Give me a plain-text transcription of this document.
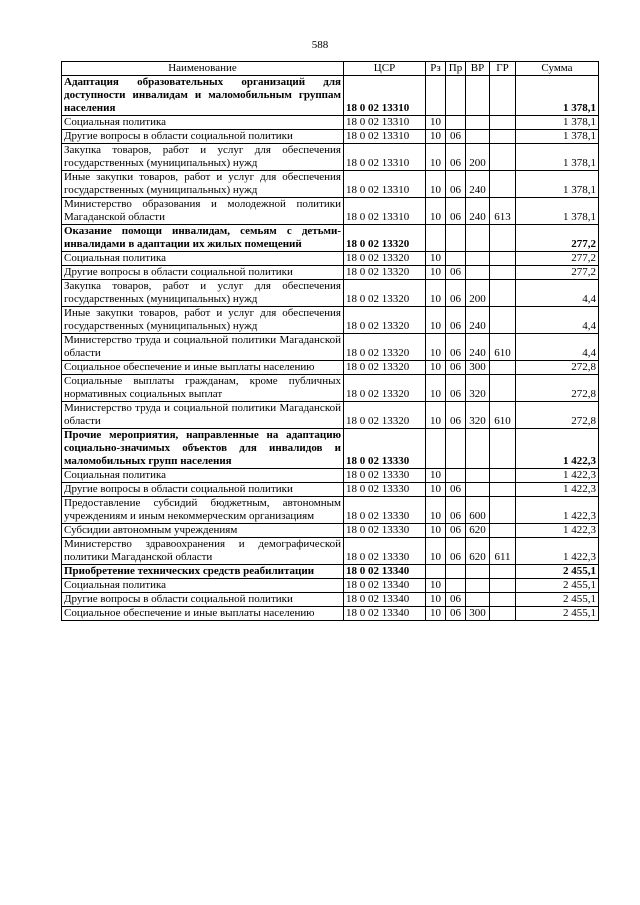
588
Наименование	ЦСР	Рз	Пр	ВР	ГР	Сумма
Адаптация образовательных организаций для доступности инвалидам и маломобильным группам населения	18 0 02 13310					1 378,1
Социальная политика	18 0 02 13310	10				1 378,1
Другие вопросы в области социальной политики	18 0 02 13310	10	06			1 378,1
Закупка товаров, работ и услуг для обеспечения государственных (муниципальных) нужд	18 0 02 13310	10	06	200		1 378,1
Иные закупки товаров, работ и услуг для обеспечения государственных (муниципальных) нужд	18 0 02 13310	10	06	240		1 378,1
Министерство образования и молодежной политики Магаданской области	18 0 02 13310	10	06	240	613	1 378,1
Оказание помощи инвалидам, семьям с детьми-инвалидами в адаптации их жилых помещений	18 0 02 13320					277,2
Социальная политика	18 0 02 13320	10				277,2
Другие вопросы в области социальной политики	18 0 02 13320	10	06			277,2
Закупка товаров, работ и услуг для обеспечения государственных (муниципальных) нужд	18 0 02 13320	10	06	200		4,4
Иные закупки товаров, работ и услуг для обеспечения государственных (муниципальных) нужд	18 0 02 13320	10	06	240		4,4
Министерство труда и социальной политики Магаданской области	18 0 02 13320	10	06	240	610	4,4
Социальное обеспечение и иные выплаты населению	18 0 02 13320	10	06	300		272,8
Социальные выплаты гражданам, кроме публичных нормативных социальных выплат	18 0 02 13320	10	06	320		272,8
Министерство труда и социальной политики Магаданской области	18 0 02 13320	10	06	320	610	272,8
Прочие мероприятия, направленные на адаптацию социально-значимых объектов для инвалидов и маломобильных групп населения	18 0 02 13330					1 422,3
Социальная политика	18 0 02 13330	10				1 422,3
Другие вопросы в области социальной политики	18 0 02 13330	10	06			1 422,3
Предоставление субсидий бюджетным, автономным учреждениям и иным некоммерческим организациям	18 0 02 13330	10	06	600		1 422,3
Субсидии автономным учреждениям	18 0 02 13330	10	06	620		1 422,3
Министерство здравоохранения и демографической политики Магаданской области	18 0 02 13330	10	06	620	611	1 422,3
Приобретение технических средств реабилитации	18 0 02 13340					2 455,1
Социальная политика	18 0 02 13340	10				2 455,1
Другие вопросы в области социальной политики	18 0 02 13340	10	06			2 455,1
Социальное обеспечение и иные выплаты населению	18 0 02 13340	10	06	300		2 455,1
